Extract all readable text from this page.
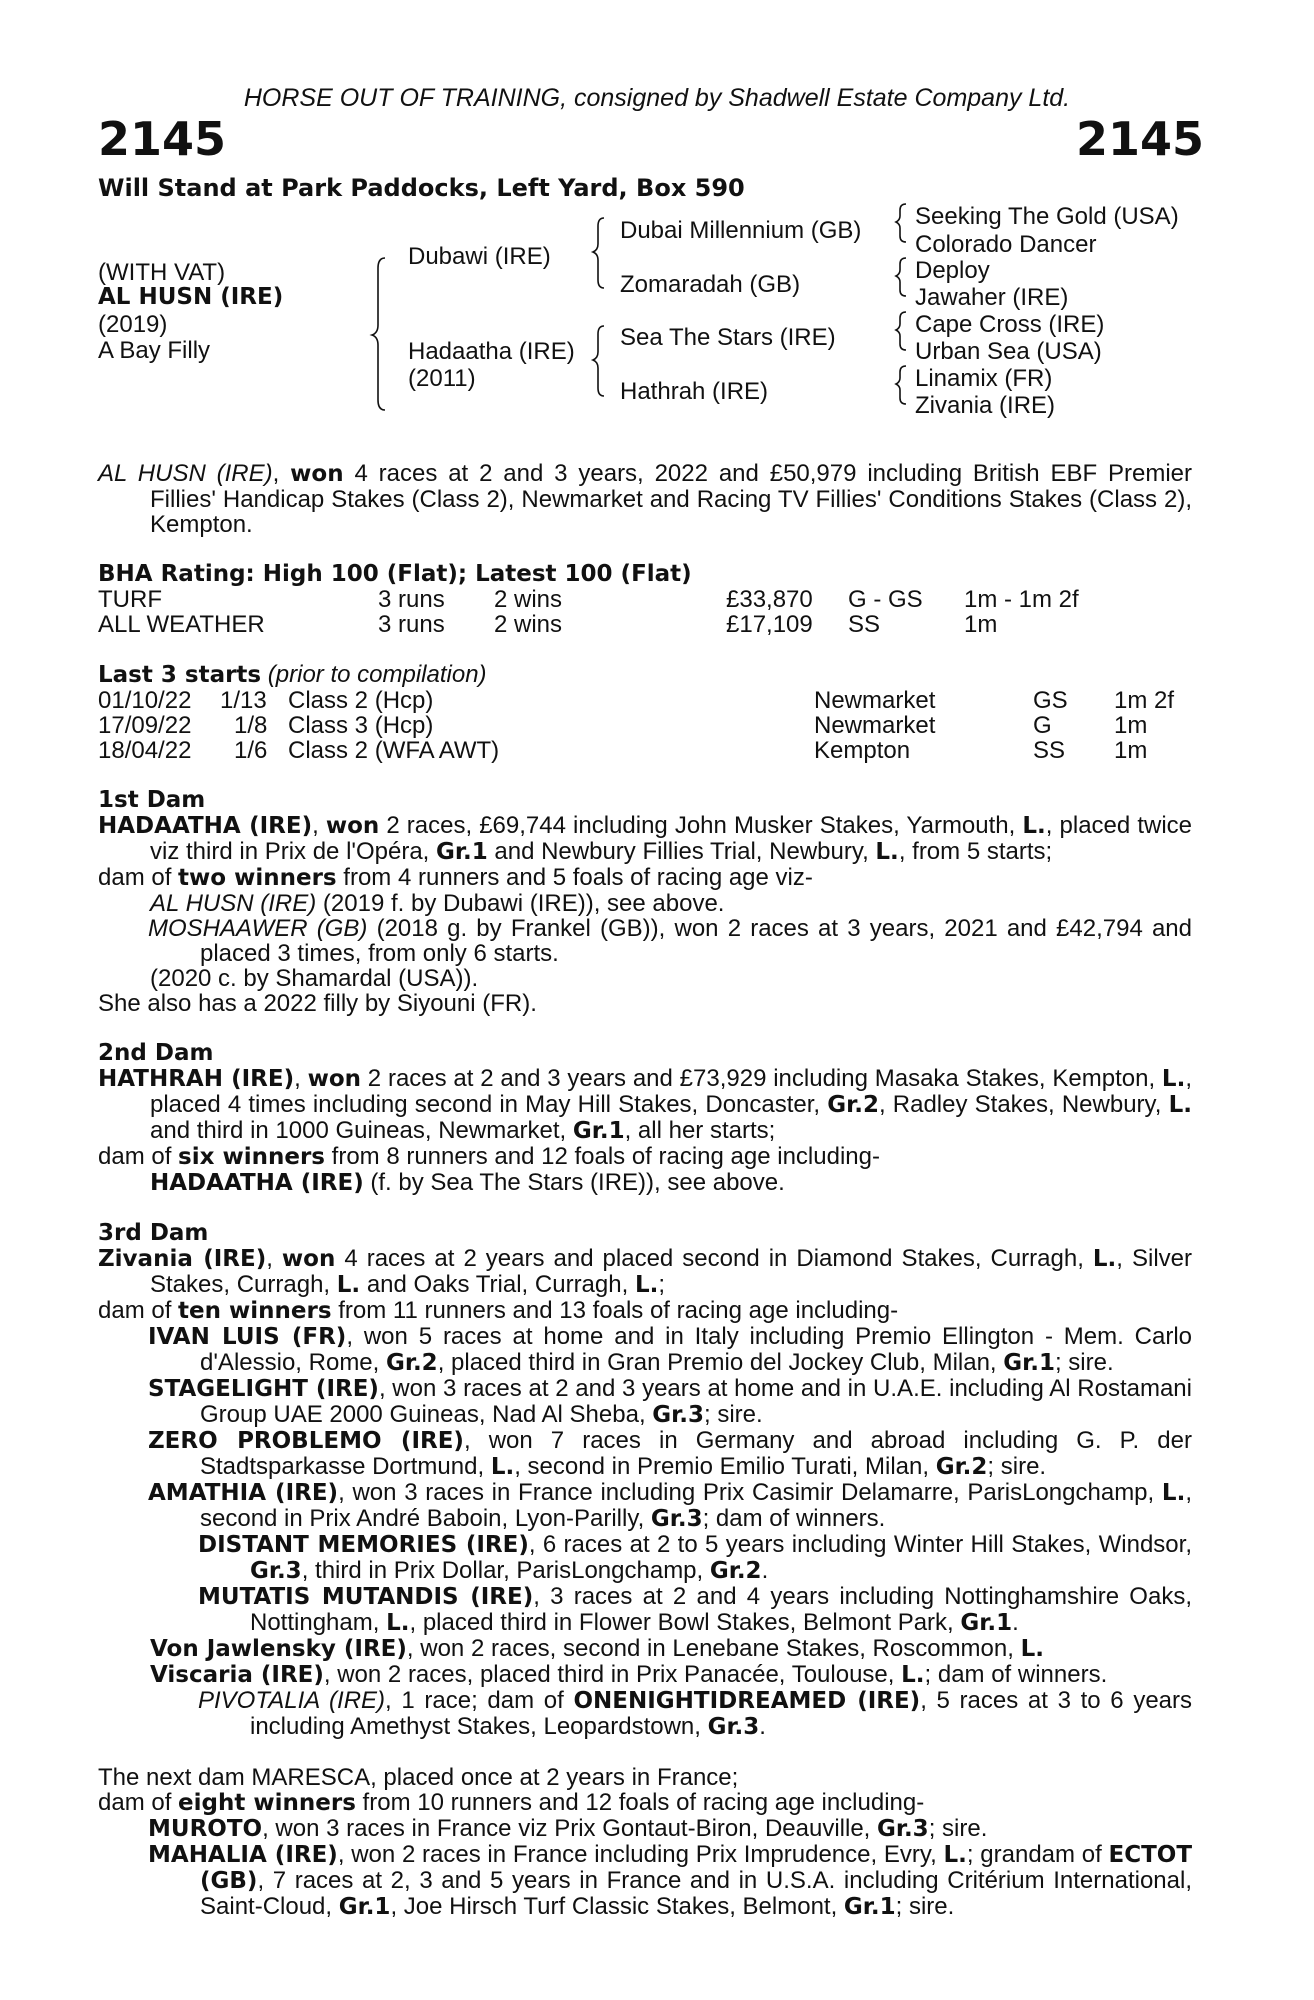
HORSE OUT OF TRAINING, consigned by Shadwell Estate Company Ltd.
2145	2145
Will Stand at Park Paddocks, Left Yard, Box 590
(WITH VAT)
AL HUSN (IRE)
(2019)
A Bay Filly
Dubawi (IRE)
Hadaatha (IRE)
(2011)
Dubai Millennium (GB)
Zomaradah (GB)
Sea The Stars (IRE)
Hathrah (IRE)
Seeking The Gold (USA)
Colorado Dancer
Deploy
Jawaher (IRE)
Cape Cross (IRE)
Urban Sea (USA)
Linamix (FR)
Zivania (IRE)

AL HUSN (IRE), won 4 races at 2 and 3 years, 2022 and £50,979 including British EBF Premier Fillies' Handicap Stakes (Class 2), Newmarket and Racing TV Fillies' Conditions Stakes (Class 2), Kempton.

BHA Rating: High 100 (Flat); Latest 100 (Flat)
TURF	3 runs 2 wins	£33,870 G - GS 1m - 1m 2f
ALL WEATHER	3 runs 2 wins	£17,109 SS	1m
Last 3 starts (prior to compilation)
01/10/22 1/13 Class 2 (Hcp)	Newmarket	GS 1m 2f
17/09/22 1/8 Class 3 (Hcp)	Newmarket	G	1m
18/04/22 1/6 Class 2 (WFA AWT)	Kempton	SS 1m
1st Dam

HADAATHA (IRE), won 2 races, £69,744 including John Musker Stakes, Yarmouth, L., placed twice viz third in Prix de l'Opéra, Gr.1 and Newbury Fillies Trial, Newbury, L., from 5 starts;

dam of two winners from 4 runners and 5 foals of racing age viz-

AL HUSN (IRE) (2019 f. by Dubawi (IRE)), see above.

MOSHAAWER (GB) (2018 g. by Frankel (GB)), won 2 races at 3 years, 2021 and £42,794 and placed 3 times, from only 6 starts.

(2020 c. by Shamardal (USA)).

She also has a 2022 filly by Siyouni (FR).

2nd Dam

HATHRAH (IRE), won 2 races at 2 and 3 years and £73,929 including Masaka Stakes, Kempton, L., placed 4 times including second in May Hill Stakes, Doncaster, Gr.2, Radley Stakes, Newbury, L. and third in 1000 Guineas, Newmarket, Gr.1, all her starts;

dam of six winners from 8 runners and 12 foals of racing age including-

HADAATHA (IRE) (f. by Sea The Stars (IRE)), see above.

3rd Dam

Zivania (IRE), won 4 races at 2 years and placed second in Diamond Stakes, Curragh, L., Silver Stakes, Curragh, L. and Oaks Trial, Curragh, L.;

dam of ten winners from 11 runners and 13 foals of racing age including-

IVAN LUIS (FR), won 5 races at home and in Italy including Premio Ellington - Mem. Carlo d'Alessio, Rome, Gr.2, placed third in Gran Premio del Jockey Club, Milan, Gr.1; sire.

STAGELIGHT (IRE), won 3 races at 2 and 3 years at home and in U.A.E. including Al Rostamani Group UAE 2000 Guineas, Nad Al Sheba, Gr.3; sire.

ZERO PROBLEMO (IRE), won 7 races in Germany and abroad including G. P. der Stadtsparkasse Dortmund, L., second in Premio Emilio Turati, Milan, Gr.2; sire.

AMATHIA (IRE), won 3 races in France including Prix Casimir Delamarre, ParisLongchamp, L., second in Prix André Baboin, Lyon-Parilly, Gr.3; dam of winners.

DISTANT MEMORIES (IRE), 6 races at 2 to 5 years including Winter Hill Stakes, Windsor, Gr.3, third in Prix Dollar, ParisLongchamp, Gr.2.

MUTATIS MUTANDIS (IRE), 3 races at 2 and 4 years including Nottinghamshire Oaks, Nottingham, L., placed third in Flower Bowl Stakes, Belmont Park, Gr.1.

Von Jawlensky (IRE), won 2 races, second in Lenebane Stakes, Roscommon, L.

Viscaria (IRE), won 2 races, placed third in Prix Panacée, Toulouse, L.; dam of winners.

PIVOTALIA (IRE), 1 race; dam of ONENIGHTIDREAMED (IRE), 5 races at 3 to 6 years including Amethyst Stakes, Leopardstown, Gr.3.

The next dam MARESCA, placed once at 2 years in France;

dam of eight winners from 10 runners and 12 foals of racing age including-

MUROTO, won 3 races in France viz Prix Gontaut-Biron, Deauville, Gr.3; sire.

MAHALIA (IRE), won 2 races in France including Prix Imprudence, Evry, L.; grandam of ECTOT (GB), 7 races at 2, 3 and 5 years in France and in U.S.A. including Critérium International, Saint-Cloud, Gr.1, Joe Hirsch Turf Classic Stakes, Belmont, Gr.1; sire.
